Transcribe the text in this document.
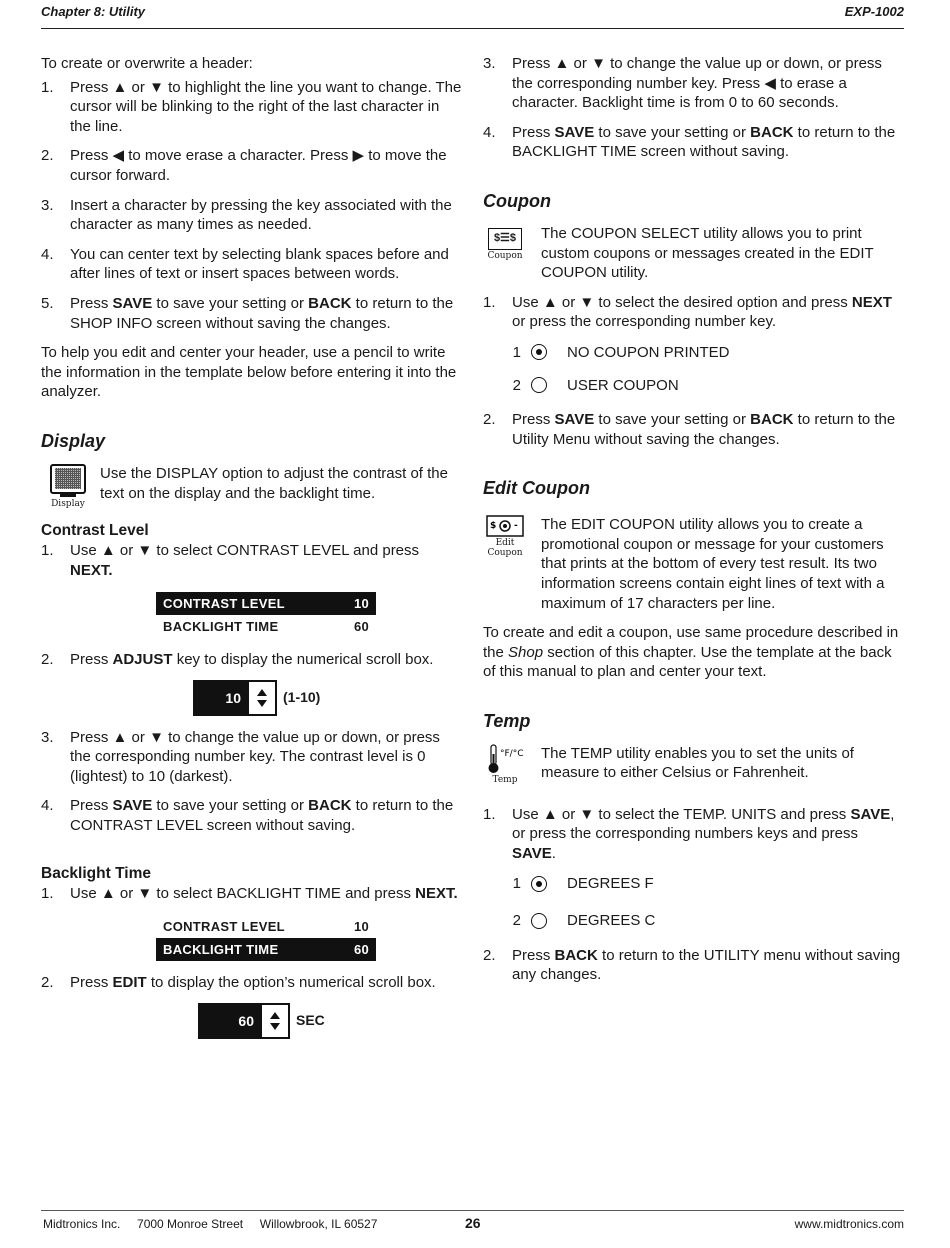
Chapter 8: Utility	EXP-1002

To create or overwrite a header:

1. Press ▲ or ▼ to highlight the line you want to change. The cursor will be blinking to the right of the last character in the line.
2. Press ◀ to move erase a character. Press ▶ to move the cursor forward.
3. Insert a character by pressing the key associated with the character as many times as needed.
4. You can center text by selecting blank spaces before and after lines of text or insert spaces between words.
5. Press SAVE to save your setting or BACK to return to the SHOP INFO screen without saving the changes.

To help you edit and center your header, use a pencil to write the information in the template below before entering it into the analyzer.

Display
Display

Use the DISPLAY option to adjust the contrast of the text on the display and the backlight time.

Contrast Level
1. Use ▲ or ▼ to select CONTRAST LEVEL and press NEXT.
CONTRAST LEVEL	10
BACKLIGHT TIME	60
2. Press ADJUST key to display the numerical scroll box.
10	(1-10)
3. Press ▲ or ▼ to change the value up or down, or press the corresponding number key. The contrast level is 0 (lightest) to 10 (darkest).
4. Press SAVE to save your setting or BACK to return to the CONTRAST LEVEL screen without saving.
Backlight Time
1. Use ▲ or ▼ to select BACKLIGHT TIME and press NEXT.
CONTRAST LEVEL	10
BACKLIGHT TIME	60
2. Press EDIT to display the option’s numerical scroll box.
60	SEC
3. Press ▲ or ▼ to change the value up or down, or press the corresponding number key. Press ◀ to erase a character. Backlight time is from 0 to 60 seconds.
4. Press SAVE to save your setting or BACK to return to the BACKLIGHT TIME screen without saving.
Coupon
$☰$
Coupon

The COUPON SELECT utility allows you to print custom coupons or messages created in the EDIT COUPON utility.

1. Use ▲ or ▼ to select the desired option and press NEXT or press the corresponding number key.
1	NO COUPON PRINTED
2	USER COUPON
2. Press SAVE to save your setting or BACK to return to the Utility Menu without saving the changes.
Edit Coupon
$ -
Edit
Coupon

The EDIT COUPON utility allows you to create a promotional coupon or message for your customers that prints at the bottom of every test result. Its two information screens contain eight lines of text with a maximum of 17 characters per line.

To create and edit a coupon, use same procedure described in the Shop section of this chapter. Use the template at the back of this manual to plan and center your text.

Temp
°F/°C
Temp

The TEMP utility enables you to set the units of measure to either Celsius or Fahrenheit.

1. Use ▲ or ▼ to select the TEMP. UNITS and press SAVE, or press the corresponding numbers keys and press SAVE.
1	DEGREES F
2	DEGREES C
2. Press BACK to return to the UTILITY menu without saving any changes.
Midtronics Inc. 7000 Monroe Street Willowbrook, IL 60527	26	www.midtronics.com
